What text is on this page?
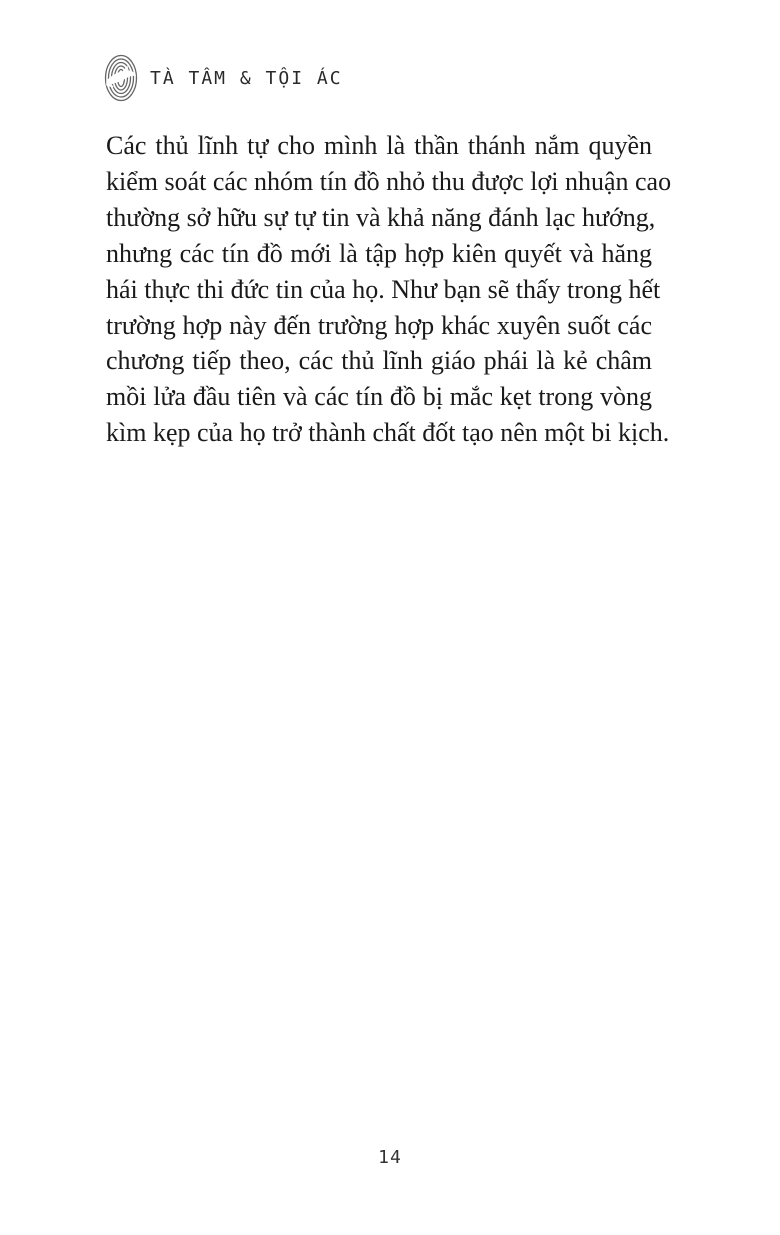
TÀ TÂM & TỘI ÁC
Các thủ lĩnh tự cho mình là thần thánh nắm quyền
kiểm soát các nhóm tín đồ nhỏ thu được lợi nhuận cao
thường sở hữu sự tự tin và khả năng đánh lạc hướng,
nhưng các tín đồ mới là tập hợp kiên quyết và hăng
hái thực thi đức tin của họ. Như bạn sẽ thấy trong hết
trường hợp này đến trường hợp khác xuyên suốt các
chương tiếp theo, các thủ lĩnh giáo phái là kẻ châm
mồi lửa đầu tiên và các tín đồ bị mắc kẹt trong vòng
kìm kẹp của họ trở thành chất đốt tạo nên một bi kịch.
14
